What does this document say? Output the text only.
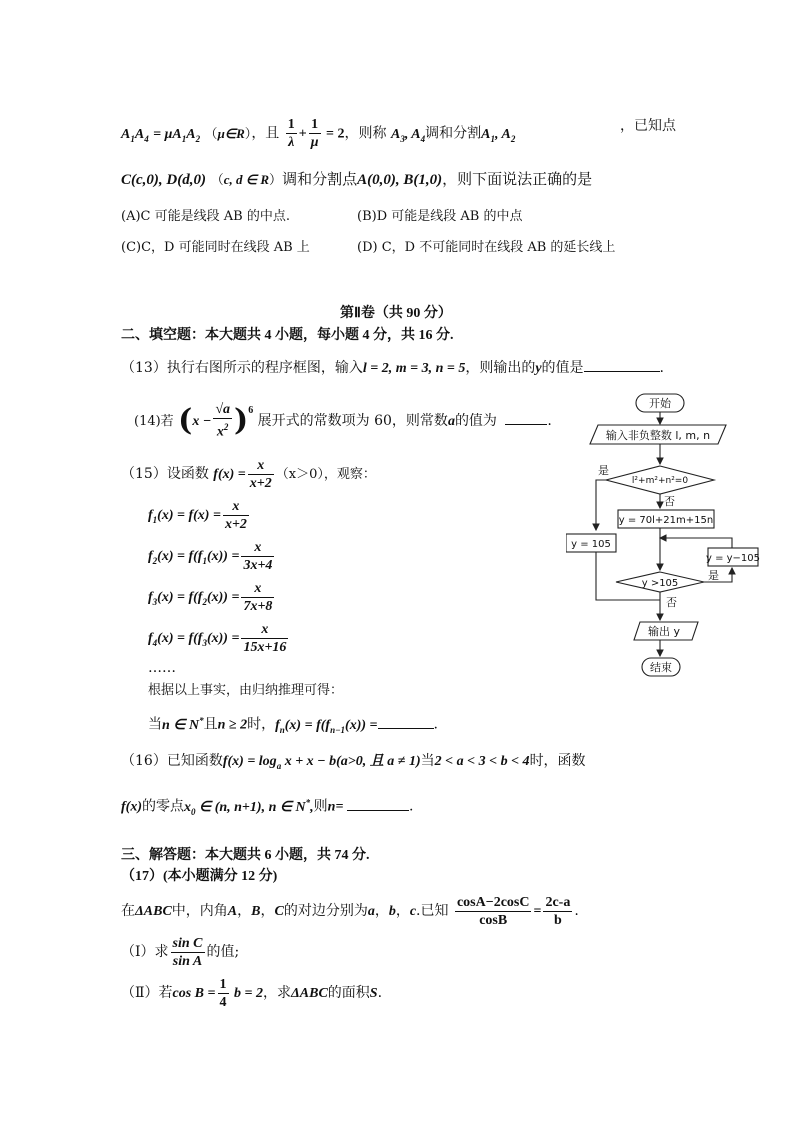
$A_1A_4 = \mu A_1A_2$ （μ∈R），且 $\frac{1}{\lambda} + \frac{1}{\mu} = 2$，则称 $A_3$, $A_4$调和分割$A_1$, $A_2$
，已知点
C(c,0), D(d,0) （c, d ∈ R）调和分割点A(0,0), B(1,0)，则下面说法正确的是
(A)C 可能是线段 AB 的中点.	(B)D 可能是线段 AB 的中点
(C)C，D 可能同时在线段 AB 上	(D) C，D 不可能同时在线段 AB 的延长线上
第Ⅱ卷（共 90 分）
二、填空题：本大题共 4 小题，每小题 4 分，共 16 分.
（13）执行右图所示的程序框图，输入l = 2, m = 3, n = 5，则输出的y的值是	.
(14)若 $(x - \frac{√a}{x^2} )^6$ 展开式的常数项为 60，则常数a的值为	.
（15）设函数 $f(x) = \frac{x}{x+2} (x>0)$，观察：
$f_1(x) = f(x) = \frac{x}{x+2}$
$f_2(x) = f(f_1(x)) = \frac{x}{3x+4}$
$f_3(x) = f(f_2(x)) = \frac{x}{7x+8}$
$f_4(x) = f(f_3(x)) = \frac{x}{15x+16}$
……
根据以上事实，由归纳推理可得：
当n ∈ N*且n ≥ 2时，$f_n(x) = f(f_{n-1}(x))$ =	.
（16）已知函数$f(x) = \log_a x + x - b(a>0$, 且 a ≠ 1)当2 < a < 3 < b < 4时，函数
f(x)的零点$x_0$ ∈ (n, n+1), n ∈ N*,则n=	.
三、解答题：本大题共 6 小题，共 74 分.
（17）(本小题满分 12 分)
在ΔABC中，内角A，B，C的对边分别为a，b，c.已知 $\frac{\cos A-2\cos C}{\cos B} = \frac{2c-a}{b}$ .
（Ⅰ）求 $\frac{\text{sin C}}{\text{sin A}}$ 的值;
（Ⅱ）若$\cos B = \frac{1}{4}$ b = 2，求ΔABC的面积S.
开始
输入非负整数 l, m, n
l²+m²+n²=0
是
否
y = 70l+21m+15n
y = 105
y = y−105
y >105
是
否
输出 y
结束
